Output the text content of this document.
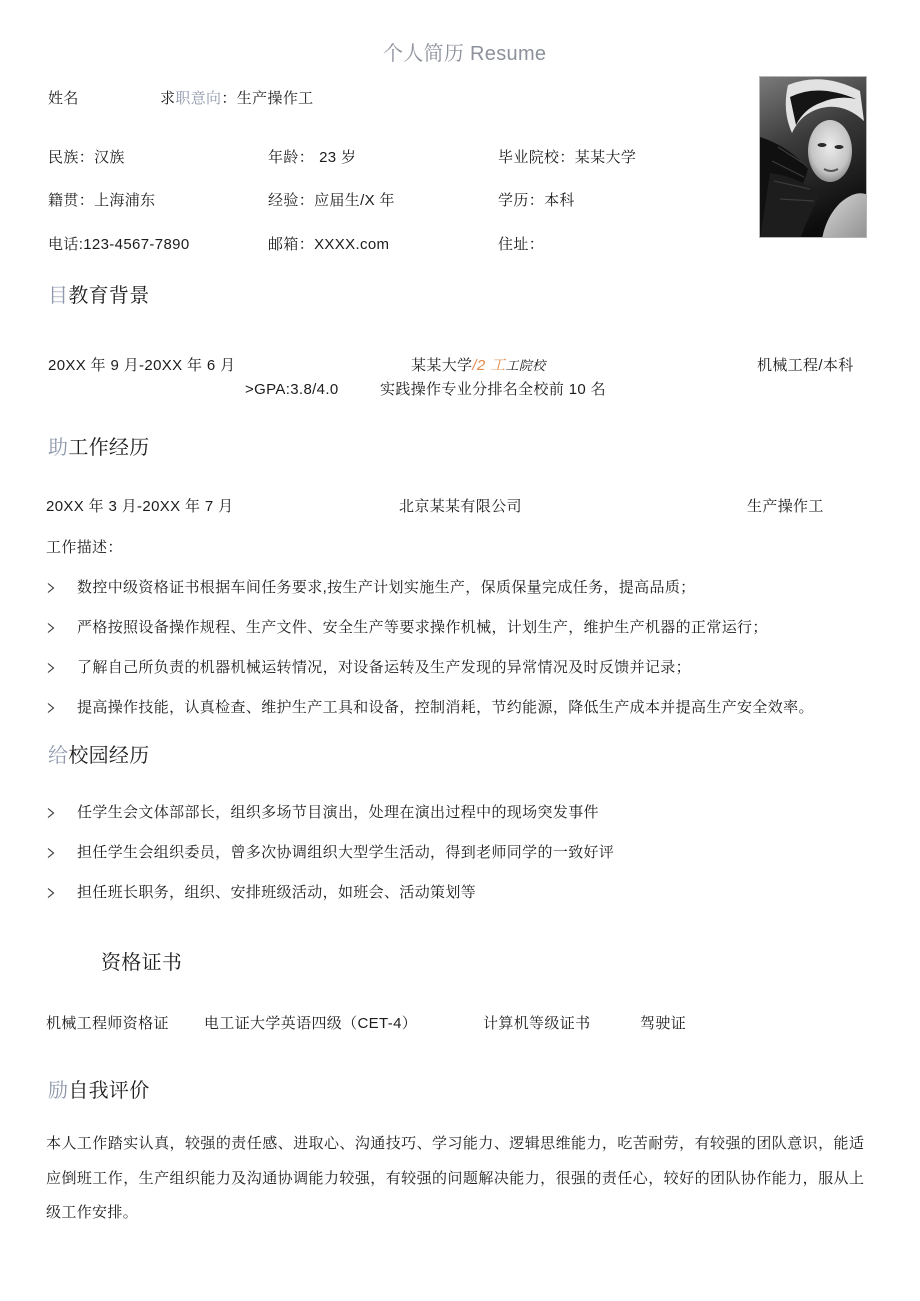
个人简历 Resume
姓名	求职意向：生产操作工
民族：汉族	年龄： 23 岁	毕业院校：某某大学
籍贯：上海浦东	经验：应届生/X 年	学历：本科
电话:123-4567-7890	邮箱：XXXX.com	住址：
目教育背景
20XX 年 9 月-20XX 年 6 月	某某大学/2 工工院校	机械工程/本科
>GPA:3.8/4.0	实践操作专业分排名全校前 10 名
助工作经历
20XX 年 3 月-20XX 年 7 月	北京某某有限公司	生产操作工
工作描述：
数控中级资格证书根据车间任务要求,按生产计划实施生产，保质保量完成任务，提高品质；
严格按照设备操作规程、生产文件、安全生产等要求操作机械，计划生产，维护生产机器的正常运行；
了解自己所负责的机器机械运转情况，对设备运转及生产发现的异常情况及时反馈并记录；
提高操作技能，认真检查、维护生产工具和设备，控制消耗，节约能源，降低生产成本并提高生产安全效率。
给校园经历
任学生会文体部部长，组织多场节目演出，处理在演出过程中的现场突发事件
担任学生会组织委员，曾多次协调组织大型学生活动，得到老师同学的一致好评
担任班长职务，组织、安排班级活动，如班会、活动策划等
资格证书
机械工程师资格证 电工证大学英语四级（CET-4）	计算机等级证书	驾驶证
励自我评价
本人工作踏实认真，较强的责任感、进取心、沟通技巧、学习能力、逻辑思维能力，吃苦耐劳，有较强的团队意识，能适
应倒班工作，生产组织能力及沟通协调能力较强，有较强的问题解决能力，很强的责任心，较好的团队协作能力，服从上
级工作安排。
